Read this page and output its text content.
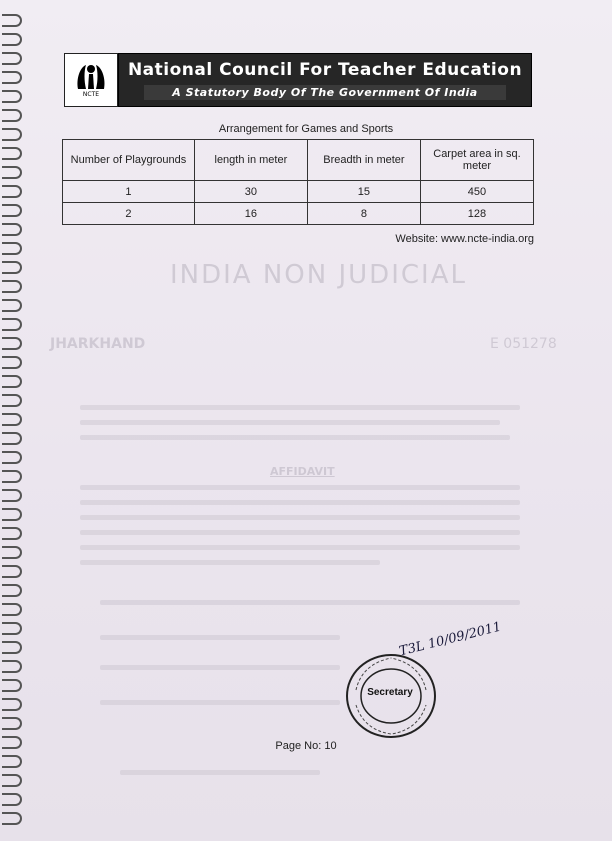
INDIA NON JUDICIAL
JHARKHAND	E 051278
AFFIDAVIT
NCTE
National Council For Teacher Education
A Statutory Body Of The Government Of India
Arrangement for Games and Sports
Number of Playgrounds	length in meter	Breadth in meter	Carpet area in sq. meter
1	30	15	450
2	16	8	128
Website: www.ncte-india.org
T3L 10/09/2011
Secretary
Page No: 10
